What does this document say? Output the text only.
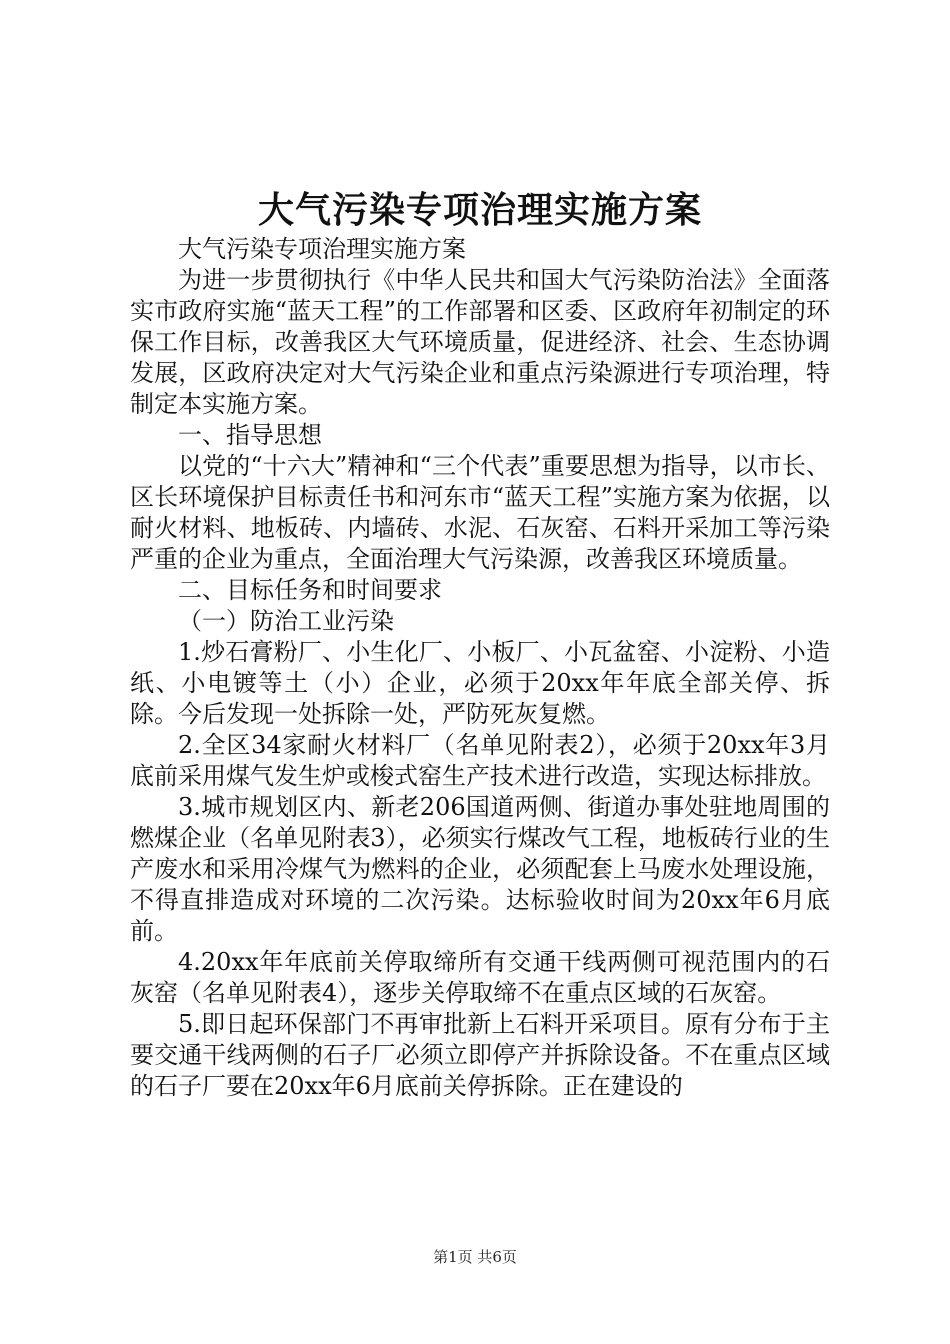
大气污染专项治理实施方案

大气污染专项治理实施方案

为进一步贯彻执行《中华人民共和国大气污染防治法》全面落实市政府实施“蓝天工程”的工作部署和区委、区政府年初制定的环保工作目标，改善我区大气环境质量，促进经济、社会、生态协调发展，区政府决定对大气污染企业和重点污染源进行专项治理，特制定本实施方案。

一、指导思想

以党的“十六大”精神和“三个代表”重要思想为指导，以市长、区长环境保护目标责任书和河东市“蓝天工程”实施方案为依据，以耐火材料、地板砖、内墙砖、水泥、石灰窑、石料开采加工等污染严重的企业为重点，全面治理大气污染源，改善我区环境质量。

二、目标任务和时间要求

（一）防治工业污染

1.炒石膏粉厂、小生化厂、小板厂、小瓦盆窑、小淀粉、小造纸、小电镀等土（小）企业，必须于20xx年年底全部关停、拆除。今后发现一处拆除一处，严防死灰复燃。

2.全区34家耐火材料厂（名单见附表2），必须于20xx年3月底前采用煤气发生炉或梭式窑生产技术进行改造，实现达标排放。

3.城市规划区内、新老206国道两侧、街道办事处驻地周围的燃煤企业（名单见附表3），必须实行煤改气工程，地板砖行业的生产废水和采用冷煤气为燃料的企业，必须配套上马废水处理设施，不得直排造成对环境的二次污染。达标验收时间为20xx年6月底前。

4.20xx年年底前关停取缔所有交通干线两侧可视范围内的石灰窑（名单见附表4），逐步关停取缔不在重点区域的石灰窑。

5.即日起环保部门不再审批新上石料开采项目。原有分布于主要交通干线两侧的石子厂必须立即停产并拆除设备。不在重点区域的石子厂要在20xx年6月底前关停拆除。正在建设的

第1页 共6页
